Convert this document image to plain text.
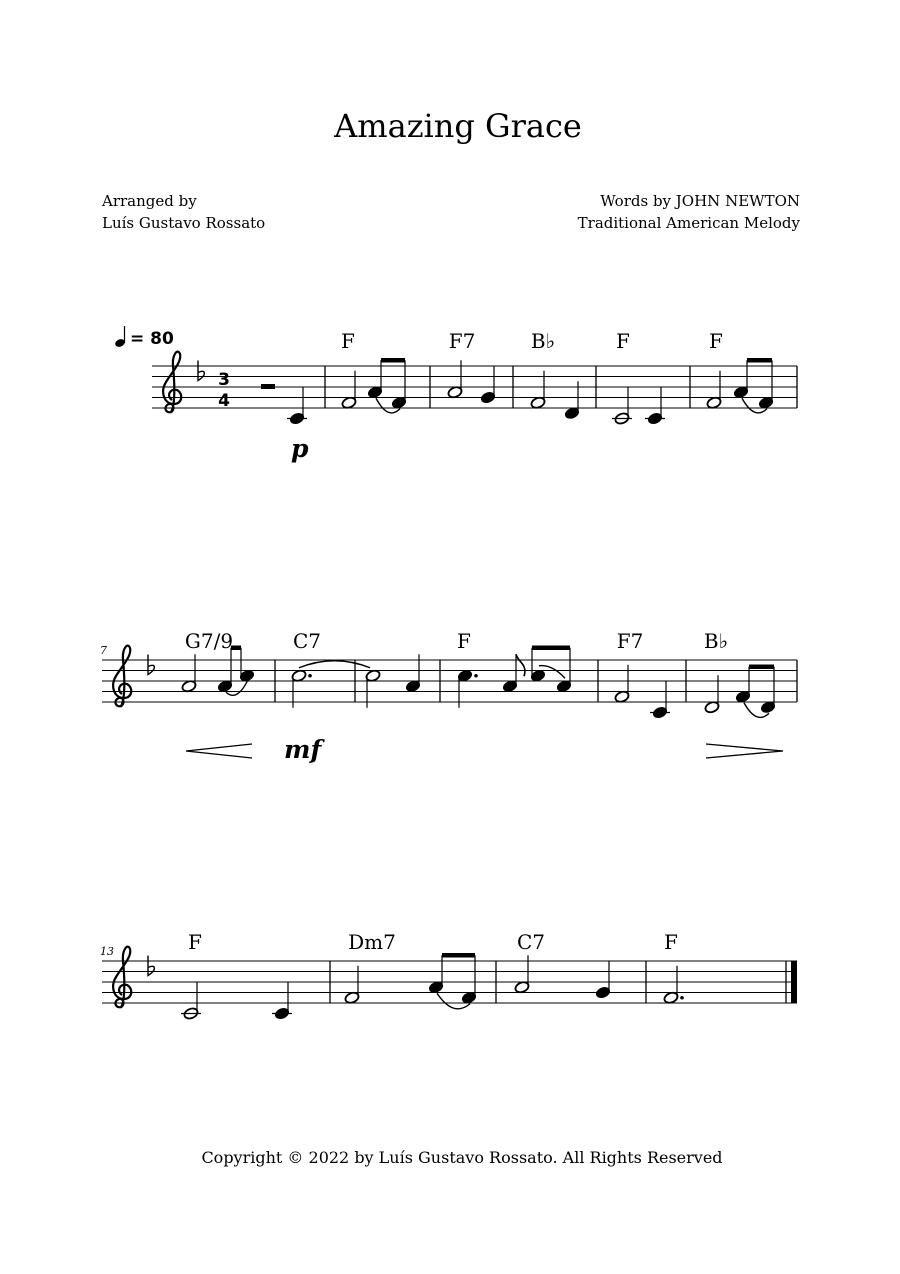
Amazing Grace
Arranged by
Luís Gustavo Rossato
Words by JOHN NEWTON
Traditional American Melody
3
4
= 80
p
F	F7	B♭	F	F
7
mf
G7/9	C7	F	F7	B♭
13	F	Dm7	C7	F
Copyright © 2022 by Luís Gustavo Rossato. All Rights Reserved
